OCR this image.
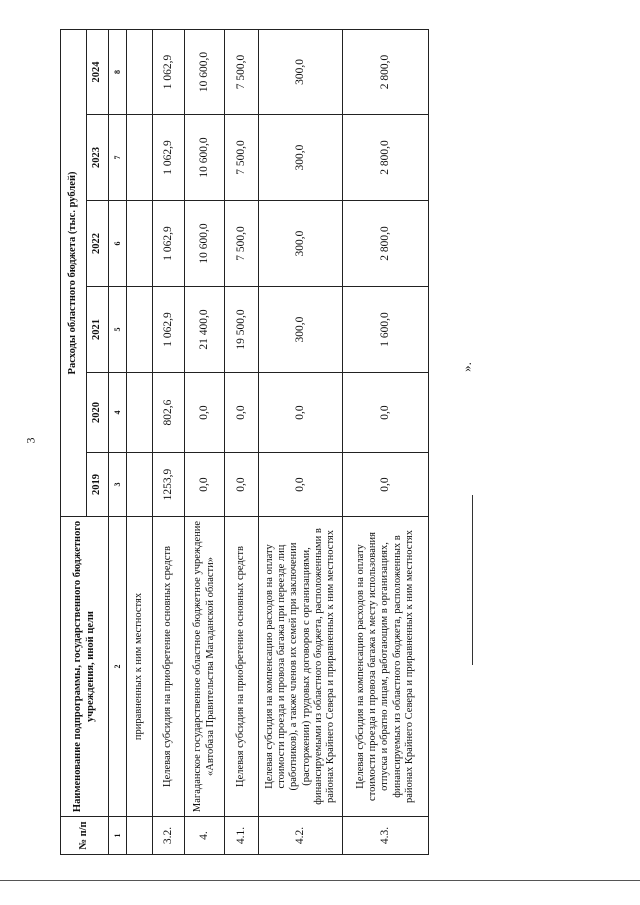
3
№ п/п	Наименование подпрограммы, государственного бюджетного учреждения, иной цели	Расходы областного бюджета (тыс. рублей)					
		2019	2020	2021	2022	2023	2024
1	2	3	4	5	6	7	8
	приравненных к ним местностях						
3.2.	Целевая субсидия на приобретение основных средств	1253,9	802,6	1 062,9	1 062,9	1 062,9	1 062,9
4.	Магаданское государственное областное бюджетное учреждение «Автобаза Правительства Магаданской области»	0,0	0,0	21 400,0	10 600,0	10 600,0	10 600,0
4.1.	Целевая субсидия на приобретение основных средств	0,0	0,0	19 500,0	7 500,0	7 500,0	7 500,0
4.2.	Целевая субсидия на компенсацию расходов на оплату стоимости проезда и провоза багажа при переезде лиц (работников), а также членов их семей при заключении (расторжении) трудовых договоров с организациями, финансируемыми из областного бюджета, расположенными в районах Крайнего Севера и приравненных к ним местностях	0,0	0,0	300,0	300,0	300,0	300,0
4.3.	Целевая субсидия на компенсацию расходов на оплату стоимости проезда и провоза багажа к месту использования отпуска и обратно лицам, работающим в организациях, финансируемых из областного бюджета, расположенных в районах Крайнего Севера и приравненных к ним местностях	0,0	0,0	1 600,0	2 800,0	2 800,0	2 800,0
».
